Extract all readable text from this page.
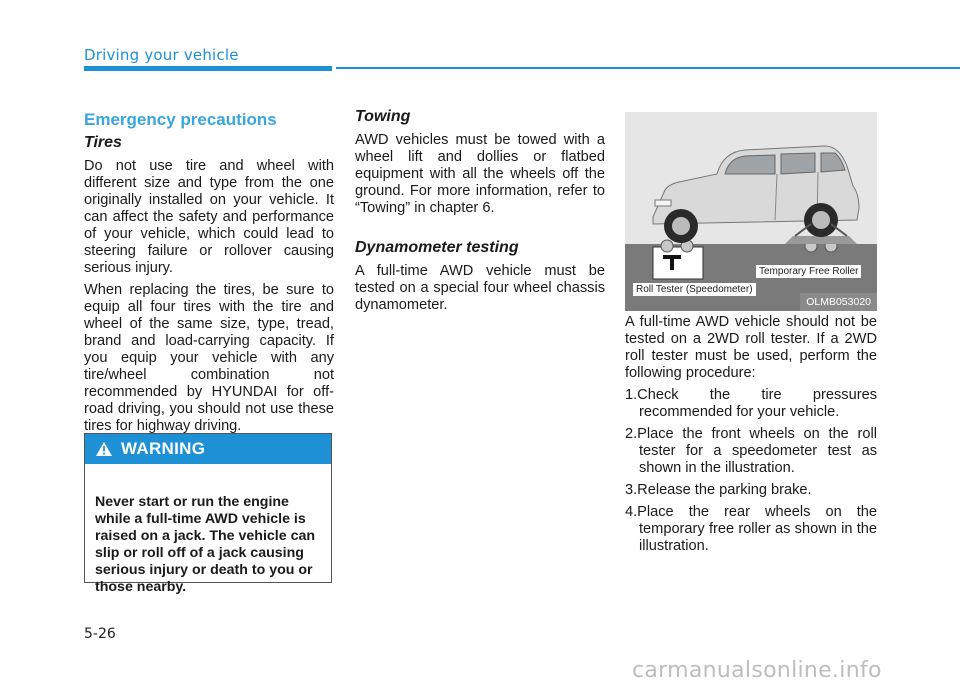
Driving your vehicle
Emergency precautions
Tires

Do not use tire and wheel with different size and type from the one originally installed on your vehicle. It can affect the safety and performance of your vehicle, which could lead to steering failure or rollover causing serious injury.

When replacing the tires, be sure to equip all four tires with the tire and wheel of the same size, type, tread, brand and load-carrying capacity. If you equip your vehicle with any tire/wheel combination not recommended by HYUNDAI for off-road driving, you should not use these tires for highway driving.

WARNING
Never start or run the engine while a full-time AWD vehicle is raised on a jack. The vehicle can slip or roll off of a jack causing serious injury or death to you or those nearby.
Towing

AWD vehicles must be towed with a wheel lift and dollies or flatbed equipment with all the wheels off the ground. For more information, refer to “Towing” in chapter 6.

Dynamometer testing

A full-time AWD vehicle must be tested on a special four wheel chassis dynamometer.

Temporary Free Roller
Roll Tester (Speedometer)
OLMB053020

A full-time AWD vehicle should not be tested on a 2WD roll tester. If a 2WD roll tester must be used, perform the following procedure:

1.Check the tire pressures recommended for your vehicle.
2.Place the front wheels on the roll tester for a speedometer test as shown in the illustration.
3.Release the parking brake.
4.Place the rear wheels on the temporary free roller as shown in the illustration.
5-26
carmanualsonline.info
